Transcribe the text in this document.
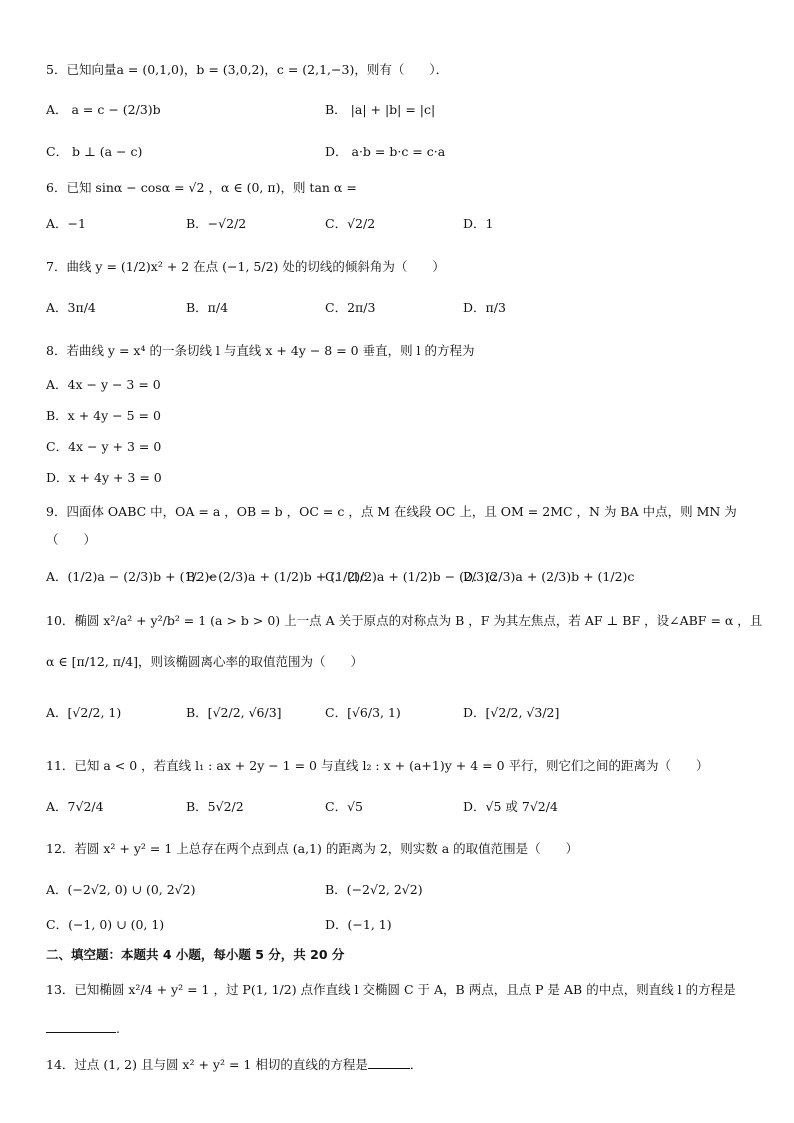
5．已知向量a = (0,1,0)，b = (3,0,2)，c = (2,1,−3)，则有（　　）．
A． a = c − (2/3)b	B． |a| + |b| = |c|
C． b ⊥ (a − c)	D． a·b = b·c = c·a
6．已知 sinα − cosα = √2 ，α ∈ (0, π)，则 tan α =
A．−1	B．−√2/2	C．√2/2	D．1
7．曲线 y = (1/2)x² + 2 在点 (−1, 5/2) 处的切线的倾斜角为（　　）
A．3π/4	B．π/4	C．2π/3	D．π/3
8．若曲线 y = x⁴ 的一条切线 l 与直线 x + 4y − 8 = 0 垂直，则 l 的方程为
A．4x − y − 3 = 0
B．x + 4y − 5 = 0
C．4x − y + 3 = 0
D．x + 4y + 3 = 0
9．四面体 OABC 中，OA = a ，OB = b ，OC = c ，点 M 在线段 OC 上，且 OM = 2MC ，N 为 BA 中点，则 MN 为
（　　）
A．(1/2)a − (2/3)b + (1/2)c
B．−(2/3)a + (1/2)b + (1/2)c
C．(1/2)a + (1/2)b − (2/3)c
D．(2/3)a + (2/3)b + (1/2)c
10．椭圆 x²/a² + y²/b² = 1 (a > b > 0) 上一点 A 关于原点的对称点为 B ，F 为其左焦点，若 AF ⊥ BF ，设∠ABF = α ，且
α ∈ [π/12, π/4]，则该椭圆离心率的取值范围为（　　）
A．[√2/2, 1)	B．[√2/2, √6/3]	C．[√6/3, 1)	D．[√2/2, √3/2]
11．已知 a < 0 ，若直线 l₁ : ax + 2y − 1 = 0 与直线 l₂ : x + (a+1)y + 4 = 0 平行，则它们之间的距离为（　　）
A．7√2/4	B．5√2/2	C．√5	D．√5 或 7√2/4
12．若圆 x² + y² = 1 上总存在两个点到点 (a,1) 的距离为 2，则实数 a 的取值范围是（　　）
A．(−2√2, 0) ∪ (0, 2√2)	B．(−2√2, 2√2)
C．(−1, 0) ∪ (0, 1)	D．(−1, 1)
二、填空题：本题共 4 小题，每小题 5 分，共 20 分
13．已知椭圆 x²/4 + y² = 1 ，过 P(1, 1/2) 点作直线 l 交椭圆 C 于 A，B 两点，且点 P 是 AB 的中点，则直线 l 的方程是
.
14．过点 (1, 2) 且与圆 x² + y² = 1 相切的直线的方程是	．
